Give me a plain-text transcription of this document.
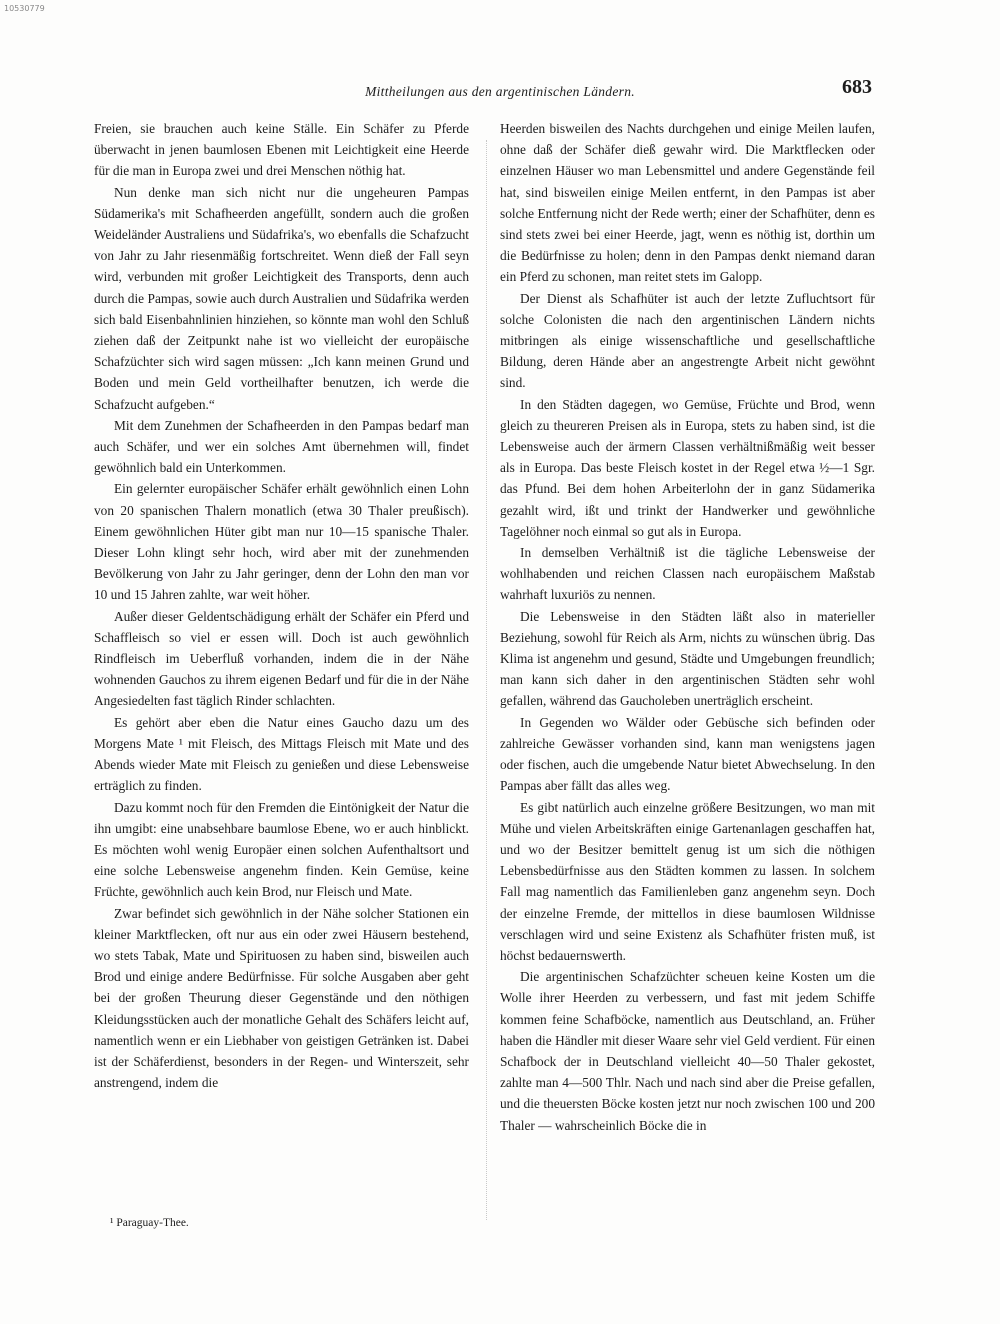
10530779
Mittheilungen aus den argentinischen Ländern.	683

Freien, sie brauchen auch keine Ställe. Ein Schäfer zu Pferde überwacht in jenen baumlosen Ebenen mit Leichtigkeit eine Heerde für die man in Europa zwei und drei Menschen nöthig hat.

Nun denke man sich nicht nur die ungeheuren Pampas Südamerika's mit Schafheerden angefüllt, sondern auch die großen Weideländer Australiens und Südafrika's, wo ebenfalls die Schafzucht von Jahr zu Jahr riesenmäßig fortschreitet. Wenn dieß der Fall seyn wird, verbunden mit großer Leichtigkeit des Transports, denn auch durch die Pampas, sowie auch durch Australien und Südafrika werden sich bald Eisenbahnlinien hinziehen, so könnte man wohl den Schluß ziehen daß der Zeitpunkt nahe ist wo vielleicht der europäische Schafzüchter sich wird sagen müssen: „Ich kann meinen Grund und Boden und mein Geld vortheilhafter benutzen, ich werde die Schafzucht aufgeben.“

Mit dem Zunehmen der Schafheerden in den Pampas bedarf man auch Schäfer, und wer ein solches Amt übernehmen will, findet gewöhnlich bald ein Unterkommen.

Ein gelernter europäischer Schäfer erhält gewöhnlich einen Lohn von 20 spanischen Thalern monatlich (etwa 30 Thaler preußisch). Einem gewöhnlichen Hüter gibt man nur 10—15 spanische Thaler. Dieser Lohn klingt sehr hoch, wird aber mit der zunehmenden Bevölkerung von Jahr zu Jahr geringer, denn der Lohn den man vor 10 und 15 Jahren zahlte, war weit höher.

Außer dieser Geldentschädigung erhält der Schäfer ein Pferd und Schaffleisch so viel er essen will. Doch ist auch gewöhnlich Rindfleisch im Ueberfluß vorhanden, indem die in der Nähe wohnenden Gauchos zu ihrem eigenen Bedarf und für die in der Nähe Angesiedelten fast täglich Rinder schlachten.

Es gehört aber eben die Natur eines Gaucho dazu um des Morgens Mate ¹ mit Fleisch, des Mittags Fleisch mit Mate und des Abends wieder Mate mit Fleisch zu genießen und diese Lebensweise erträglich zu finden.

Dazu kommt noch für den Fremden die Eintönigkeit der Natur die ihn umgibt: eine unabsehbare baumlose Ebene, wo er auch hinblickt. Es möchten wohl wenig Europäer einen solchen Aufenthaltsort und eine solche Lebensweise angenehm finden. Kein Gemüse, keine Früchte, gewöhnlich auch kein Brod, nur Fleisch und Mate.

Zwar befindet sich gewöhnlich in der Nähe solcher Stationen ein kleiner Marktflecken, oft nur aus ein oder zwei Häusern bestehend, wo stets Tabak, Mate und Spirituosen zu haben sind, bisweilen auch Brod und einige andere Bedürfnisse. Für solche Ausgaben aber geht bei der großen Theurung dieser Gegenstände und den nöthigen Kleidungsstücken auch der monatliche Gehalt des Schäfers leicht auf, namentlich wenn er ein Liebhaber von geistigen Getränken ist. Dabei ist der Schäferdienst, besonders in der Regen- und Winterszeit, sehr anstrengend, indem die

Heerden bisweilen des Nachts durchgehen und einige Meilen laufen, ohne daß der Schäfer dieß gewahr wird. Die Marktflecken oder einzelnen Häuser wo man Lebensmittel und andere Gegenstände feil hat, sind bisweilen einige Meilen entfernt, in den Pampas ist aber solche Entfernung nicht der Rede werth; einer der Schafhüter, denn es sind stets zwei bei einer Heerde, jagt, wenn es nöthig ist, dorthin um die Bedürfnisse zu holen; denn in den Pampas denkt niemand daran ein Pferd zu schonen, man reitet stets im Galopp.

Der Dienst als Schafhüter ist auch der letzte Zufluchtsort für solche Colonisten die nach den argentinischen Ländern nichts mitbringen als einige wissenschaftliche und gesellschaftliche Bildung, deren Hände aber an angestrengte Arbeit nicht gewöhnt sind.

In den Städten dagegen, wo Gemüse, Früchte und Brod, wenn gleich zu theureren Preisen als in Europa, stets zu haben sind, ist die Lebensweise auch der ärmern Classen verhältnißmäßig weit besser als in Europa. Das beste Fleisch kostet in der Regel etwa ½—1 Sgr. das Pfund. Bei dem hohen Arbeiterlohn der in ganz Südamerika gezahlt wird, ißt und trinkt der Handwerker und gewöhnliche Tagelöhner noch einmal so gut als in Europa.

In demselben Verhältniß ist die tägliche Lebensweise der wohlhabenden und reichen Classen nach europäischem Maßstab wahrhaft luxuriös zu nennen.

Die Lebensweise in den Städten läßt also in materieller Beziehung, sowohl für Reich als Arm, nichts zu wünschen übrig. Das Klima ist angenehm und gesund, Städte und Umgebungen freundlich; man kann sich daher in den argentinischen Städten sehr wohl gefallen, während das Gaucholeben unerträglich erscheint.

In Gegenden wo Wälder oder Gebüsche sich befinden oder zahlreiche Gewässer vorhanden sind, kann man wenigstens jagen oder fischen, auch die umgebende Natur bietet Abwechselung. In den Pampas aber fällt das alles weg.

Es gibt natürlich auch einzelne größere Besitzungen, wo man mit Mühe und vielen Arbeitskräften einige Gartenanlagen geschaffen hat, und wo der Besitzer bemittelt genug ist um sich die nöthigen Lebensbedürfnisse aus den Städten kommen zu lassen. In solchem Fall mag namentlich das Familienleben ganz angenehm seyn. Doch der einzelne Fremde, der mittellos in diese baumlosen Wildnisse verschlagen wird und seine Existenz als Schafhüter fristen muß, ist höchst bedauernswerth.

Die argentinischen Schafzüchter scheuen keine Kosten um die Wolle ihrer Heerden zu verbessern, und fast mit jedem Schiffe kommen feine Schafböcke, namentlich aus Deutschland, an. Früher haben die Händler mit dieser Waare sehr viel Geld verdient. Für einen Schafbock der in Deutschland vielleicht 40—50 Thaler gekostet, zahlte man 4—500 Thlr. Nach und nach sind aber die Preise gefallen, und die theuersten Böcke kosten jetzt nur noch zwischen 100 und 200 Thaler — wahrscheinlich Böcke die in

¹ Paraguay-Thee.
